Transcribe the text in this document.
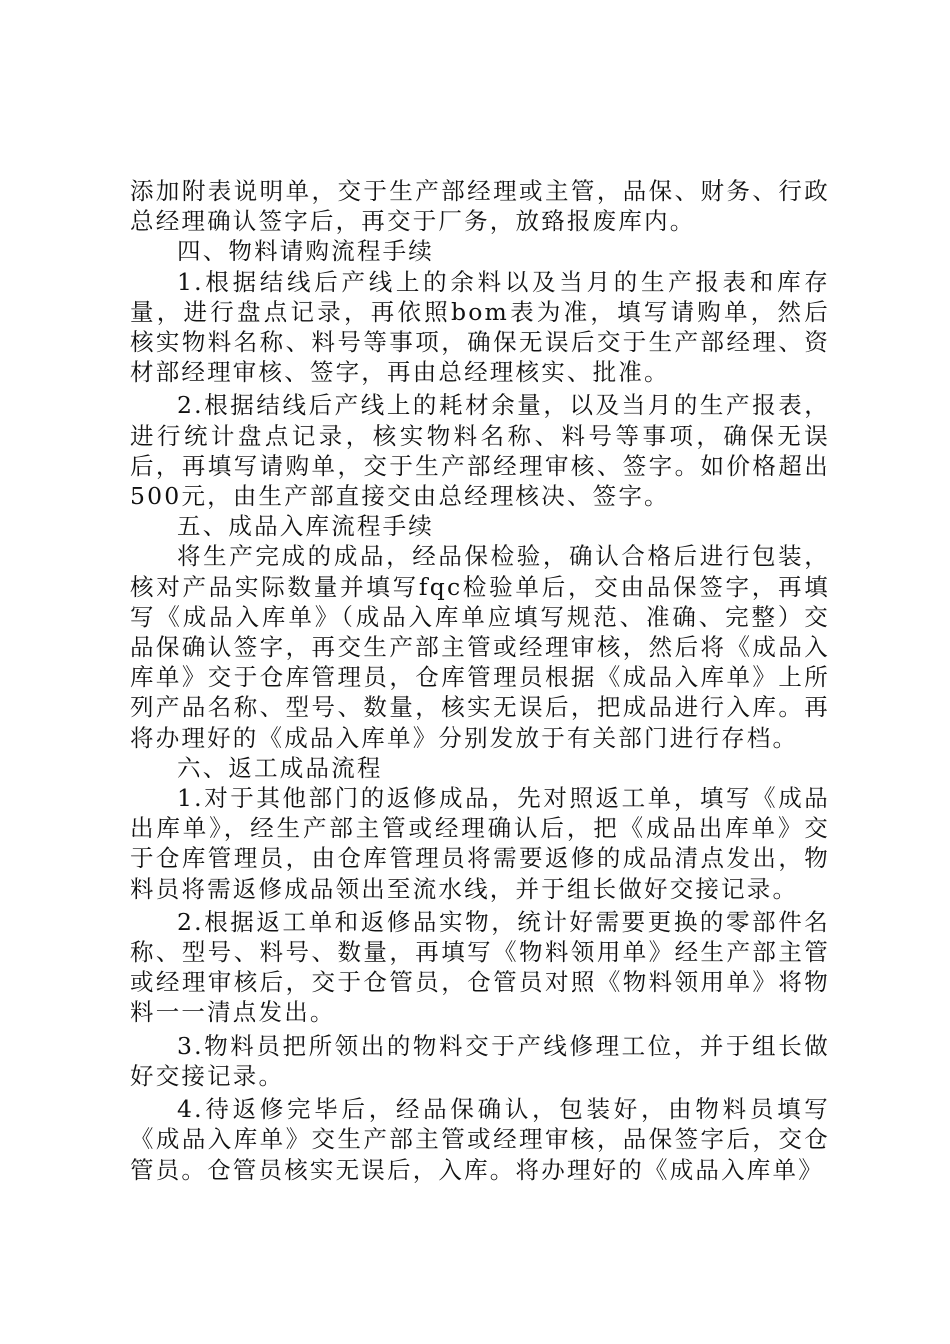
添加附表说明单，交于生产部经理或主管，品保、财务、行政总经理确认签字后，再交于厂务，放臵报废库内。

四、物料请购流程手续

1.根据结线后产线上的余料以及当月的生产报表和库存量，进行盘点记录，再依照bom表为准，填写请购单，然后核实物料名称、料号等事项，确保无误后交于生产部经理、资材部经理审核、签字，再由总经理核实、批准。

2.根据结线后产线上的耗材余量，以及当月的生产报表，进行统计盘点记录，核实物料名称、料号等事项，确保无误后，再填写请购单，交于生产部经理审核、签字。如价格超出500元，由生产部直接交由总经理核决、签字。

五、成品入库流程手续

将生产完成的成品，经品保检验，确认合格后进行包装，核对产品实际数量并填写fqc检验单后，交由品保签字，再填写《成品入库单》（成品入库单应填写规范、准确、完整）交品保确认签字，再交生产部主管或经理审核，然后将《成品入库单》交于仓库管理员，仓库管理员根据《成品入库单》上所列产品名称、型号、数量，核实无误后，把成品进行入库。再将办理好的《成品入库单》分别发放于有关部门进行存档。

六、返工成品流程

1.对于其他部门的返修成品，先对照返工单，填写《成品出库单》，经生产部主管或经理确认后，把《成品出库单》交于仓库管理员，由仓库管理员将需要返修的成品清点发出，物料员将需返修成品领出至流水线，并于组长做好交接记录。

2.根据返工单和返修品实物，统计好需要更换的零部件名称、型号、料号、数量，再填写《物料领用单》经生产部主管或经理审核后，交于仓管员，仓管员对照《物料领用单》将物料一一清点发出。

3.物料员把所领出的物料交于产线修理工位，并于组长做好交接记录。

4.待返修完毕后，经品保确认，包装好，由物料员填写《成品入库单》交生产部主管或经理审核，品保签字后，交仓管员。仓管员核实无误后，入库。将办理好的《成品入库单》
